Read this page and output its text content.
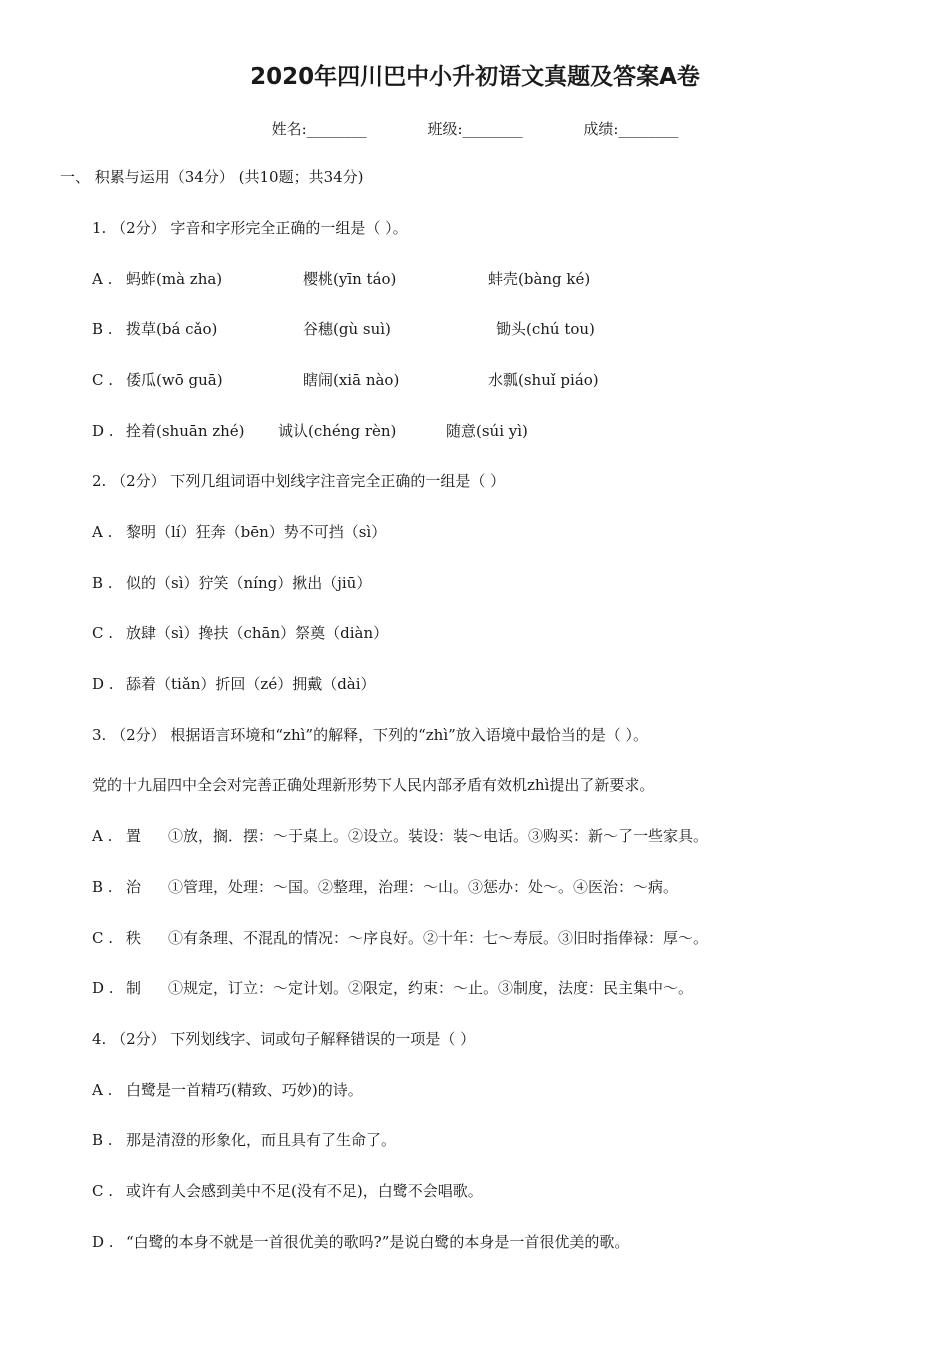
2020年四川巴中小升初语文真题及答案A卷
姓名:________	班级:________	成绩:________
一、 积累与运用（34分） (共10题；共34分)
1. （2分） 字音和字形完全正确的一组是（ ）。
A . 蚂蚱(mà zha)	樱桃(yīn táo)	蚌壳(bàng ké)
B . 拨草(bá cǎo)	谷穗(gù suì)	锄头(chú tou)
C . 倭瓜(wō guā)	瞎闹(xiā nào)	水瓢(shuǐ piáo)
D . 拴着(shuān zhé) 诚认(chéng rèn)	随意(súi yì)
2. （2分） 下列几组词语中划线字注音完全正确的一组是（ ）
A . 黎明（lí）狂奔（bēn）势不可挡（sì）
B . 似的（sì）狞笑（níng）揪出（jiū）
C . 放肆（sì）搀扶（chān）祭奠（diàn）
D . 舔着（tiǎn）折回（zé）拥戴（dài）
3. （2分） 根据语言环境和“zhì”的解释，下列的“zhì”放入语境中最恰当的是（ ）。
党的十九届四中全会对完善正确处理新形势下人民内部矛盾有效机zhì提出了新要求。
A . 置 ①放，搁．摆：～于桌上。②设立。装设：装～电话。③购买：新～了一些家具。
B . 治 ①管理，处理：～国。②整理，治理：～山。③惩办：处～。④医治：～病。
C . 秩 ①有条理、不混乱的情况：～序良好。②十年：七～寿辰。③旧时指俸禄：厚～。
D . 制 ①规定，订立：～定计划。②限定，约束：～止。③制度，法度：民主集中～。
4. （2分） 下列划线字、词或句子解释错误的一项是（ ）
A . 白鹭是一首精巧(精致、巧妙)的诗。
B . 那是清澄的形象化，而且具有了生命了。
C . 或许有人会感到美中不足(没有不足)，白鹭不会唱歌。
D . “白鹭的本身不就是一首很优美的歌吗?”是说白鹭的本身是一首很优美的歌。
